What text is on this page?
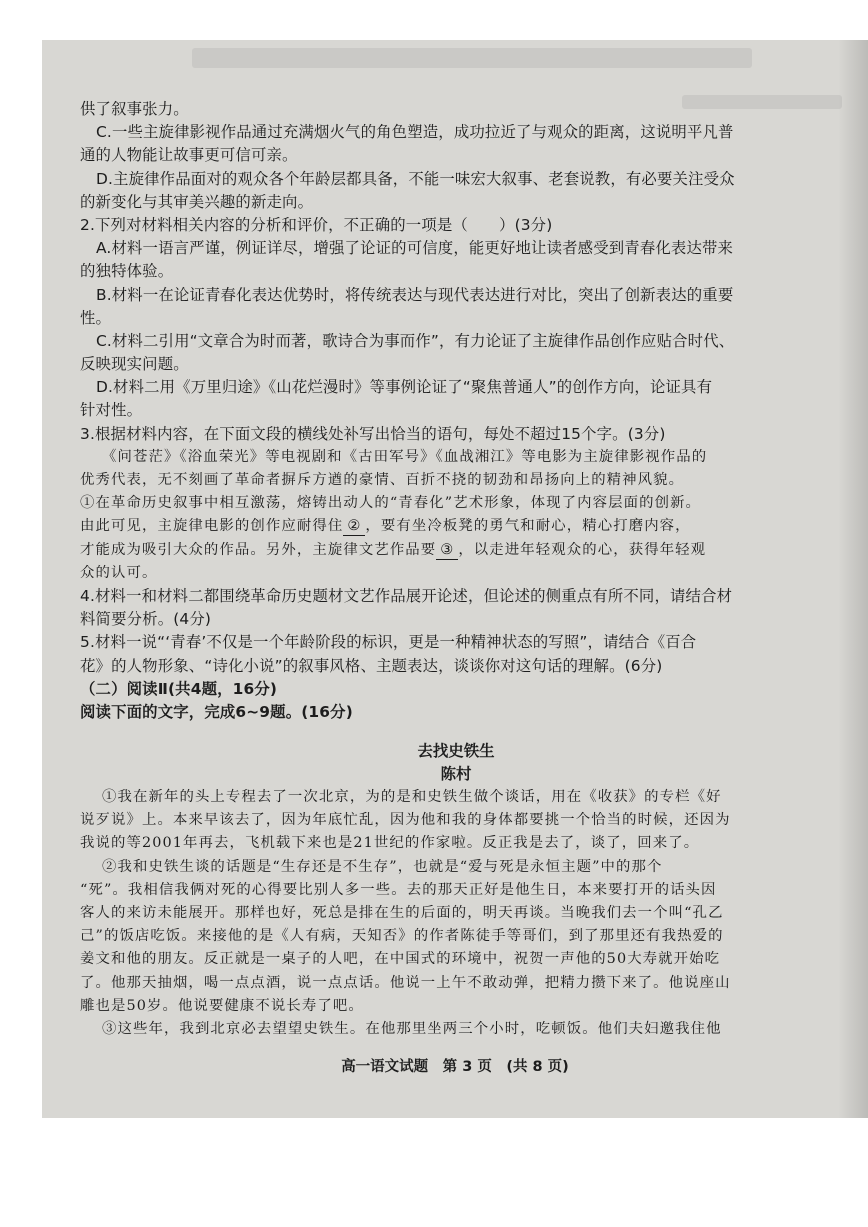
供了叙事张力。
C.一些主旋律影视作品通过充满烟火气的角色塑造，成功拉近了与观众的距离，这说明平凡普
通的人物能让故事更可信可亲。
D.主旋律作品面对的观众各个年龄层都具备，不能一味宏大叙事、老套说教，有必要关注受众
的新变化与其审美兴趣的新走向。
2.下列对材料相关内容的分析和评价，不正确的一项是（　　）(3分)
A.材料一语言严谨，例证详尽，增强了论证的可信度，能更好地让读者感受到青春化表达带来
的独特体验。
B.材料一在论证青春化表达优势时，将传统表达与现代表达进行对比，突出了创新表达的重要
性。
C.材料二引用“文章合为时而著，歌诗合为事而作”，有力论证了主旋律作品创作应贴合时代、
反映现实问题。
D.材料二用《万里归途》《山花烂漫时》等事例论证了“聚焦普通人”的创作方向，论证具有
针对性。
3.根据材料内容，在下面文段的横线处补写出恰当的语句，每处不超过15个字。(3分)
《问苍茫》《浴血荣光》等电视剧和《古田军号》《血战湘江》等电影为主旋律影视作品的
优秀代表，无不刻画了革命者摒斥方遒的豪情、百折不挠的韧劲和昂扬向上的精神风貌。
①在革命历史叙事中相互激荡，熔铸出动人的“青春化”艺术形象，体现了内容层面的创新。
由此可见，主旋律电影的创作应耐得住 ② ，要有坐冷板凳的勇气和耐心，精心打磨内容，
才能成为吸引大众的作品。另外，主旋律文艺作品要 ③ ，以走进年轻观众的心，获得年轻观
众的认可。
4.材料一和材料二都围绕革命历史题材文艺作品展开论述，但论述的侧重点有所不同，请结合材
料简要分析。(4分)
5.材料一说“‘青春’不仅是一个年龄阶段的标识，更是一种精神状态的写照”，请结合《百合
花》的人物形象、“诗化小说”的叙事风格、主题表达，谈谈你对这句话的理解。(6分)
（二）阅读Ⅱ(共4题，16分)
阅读下面的文字，完成6~9题。(16分)
去找史铁生
陈村
①我在新年的头上专程去了一次北京，为的是和史铁生做个谈话，用在《收获》的专栏《好
说歹说》上。本来早该去了，因为年底忙乱，因为他和我的身体都要挑一个恰当的时候，还因为
我说的等2001年再去，飞机载下来也是21世纪的作家啦。反正我是去了，谈了，回来了。
②我和史铁生谈的话题是“生存还是不生存”，也就是“爱与死是永恒主题”中的那个
“死”。我相信我俩对死的心得要比别人多一些。去的那天正好是他生日，本来要打开的话头因
客人的来访未能展开。那样也好，死总是排在生的后面的，明天再谈。当晚我们去一个叫“孔乙
己”的饭店吃饭。来接他的是《人有病，天知否》的作者陈徒手等哥们，到了那里还有我热爱的
姜文和他的朋友。反正就是一桌子的人吧，在中国式的环境中，祝贺一声他的50大寿就开始吃
了。他那天抽烟，喝一点点酒，说一点点话。他说一上午不敢动弹，把精力攒下来了。他说座山
雕也是50岁。他说要健康不说长寿了吧。
③这些年，我到北京必去望望史铁生。在他那里坐两三个小时，吃顿饭。他们夫妇邀我住他
高一语文试题　第 3 页　(共 8 页)
